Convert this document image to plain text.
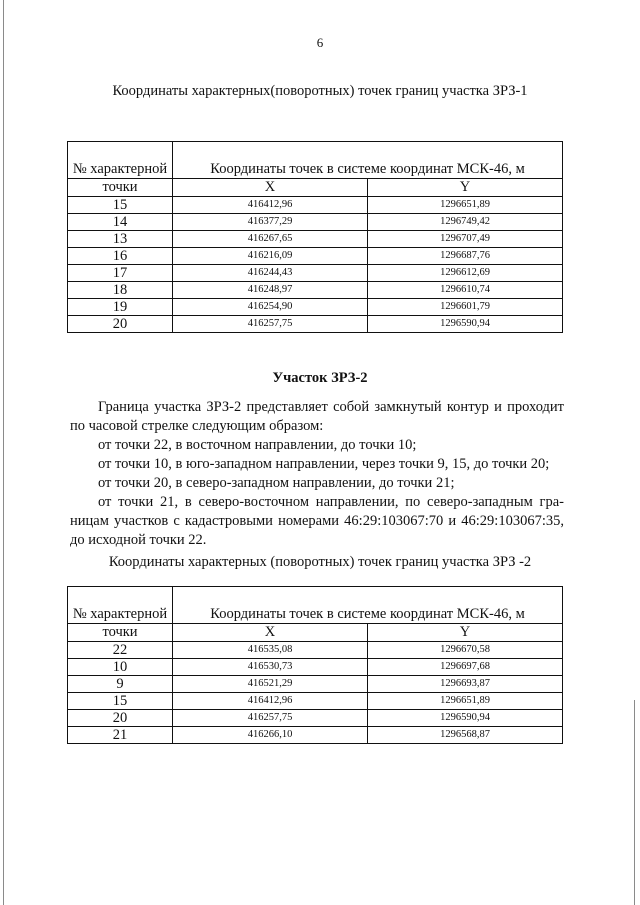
6
Координаты характерных(поворотных) точек границ участка ЗРЗ-1
№ характерной	Координаты точек в системе координат МСК-46, м	
точки	X	Y
15	416412,96	1296651,89
14	416377,29	1296749,42
13	416267,65	1296707,49
16	416216,09	1296687,76
17	416244,43	1296612,69
18	416248,97	1296610,74
19	416254,90	1296601,79
20	416257,75	1296590,94
Участок ЗРЗ-2
Граница участка ЗРЗ-2 представляет собой замкнутый контур и проходит
по часовой стрелке следующим образом:
от точки 22, в восточном направлении, до точки 10;
от точки 10, в юго-западном направлении, через точки 9, 15, до точки 20;
от точки 20, в северо-западном направлении, до точки 21;
от точки 21, в северо-восточном направлении, по северо-западным гра-
ницам участков с кадастровыми номерами 46:29:103067:70 и 46:29:103067:35,
до исходной точки 22.
Координаты характерных (поворотных) точек границ участка ЗРЗ -2
№ характерной	Координаты точек в системе координат МСК-46, м	
точки	X	Y
22	416535,08	1296670,58
10	416530,73	1296697,68
9	416521,29	1296693,87
15	416412,96	1296651,89
20	416257,75	1296590,94
21	416266,10	1296568,87
